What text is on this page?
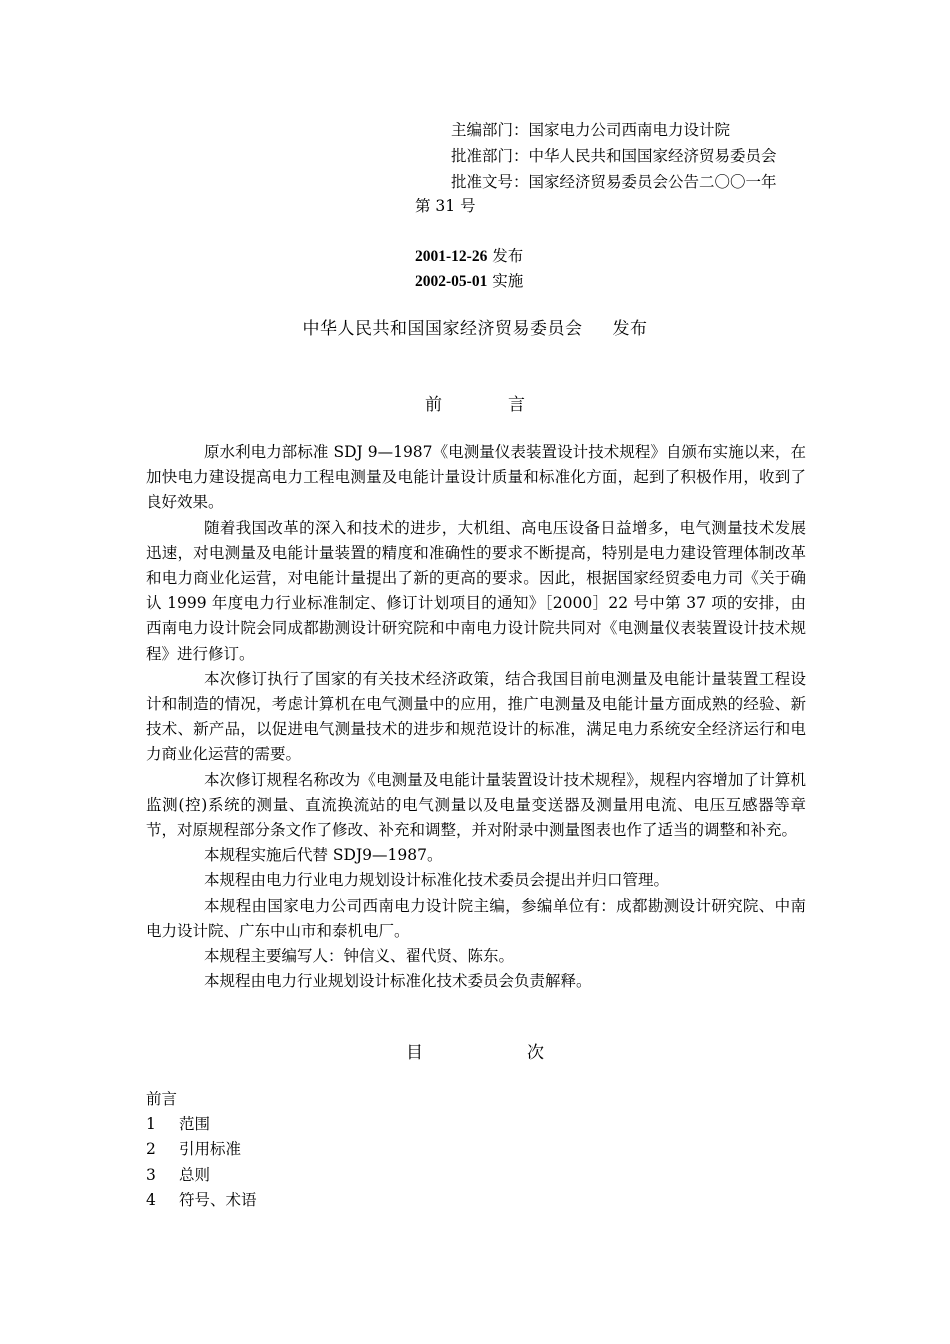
主编部门：国家电力公司西南电力设计院
批准部门：中华人民共和国国家经济贸易委员会
批准文号：国家经济贸易委员会公告二〇〇一年
第 31 号
2001-12-26 发布
2002-05-01 实施
中华人民共和国国家经济贸易委员会 发布
前	言

原水利电力部标准 SDJ 9—1987《电测量仪表装置设计技术规程》自颁布实施以来，在加快电力建设提高电力工程电测量及电能计量设计质量和标准化方面，起到了积极作用，收到了良好效果。

随着我国改革的深入和技术的进步，大机组、高电压设备日益增多，电气测量技术发展迅速，对电测量及电能计量装置的精度和准确性的要求不断提高，特别是电力建设管理体制改革和电力商业化运营，对电能计量提出了新的更高的要求。因此，根据国家经贸委电力司《关于确认 1999 年度电力行业标准制定、修订计划项目的通知》［2000］22 号中第 37 项的安排，由西南电力设计院会同成都勘测设计研究院和中南电力设计院共同对《电测量仪表装置设计技术规程》进行修订。

本次修订执行了国家的有关技术经济政策，结合我国目前电测量及电能计量装置工程设计和制造的情况，考虑计算机在电气测量中的应用，推广电测量及电能计量方面成熟的经验、新技术、新产品，以促进电气测量技术的进步和规范设计的标准，满足电力系统安全经济运行和电力商业化运营的需要。

本次修订规程名称改为《电测量及电能计量装置设计技术规程》，规程内容增加了计算机监测(控)系统的测量、直流换流站的电气测量以及电量变送器及测量用电流、电压互感器等章节，对原规程部分条文作了修改、补充和调整，并对附录中测量图表也作了适当的调整和补充。

本规程实施后代替 SDJ9—1987。

本规程由电力行业电力规划设计标准化技术委员会提出并归口管理。

本规程由国家电力公司西南电力设计院主编，参编单位有：成都勘测设计研究院、中南电力设计院、广东中山市和泰机电厂。

本规程主要编写人：钟信义、翟代贤、陈东。

本规程由电力行业规划设计标准化技术委员会负责解释。

目	次
前言
1 范围
2 引用标准
3 总则
4 符号、术语
